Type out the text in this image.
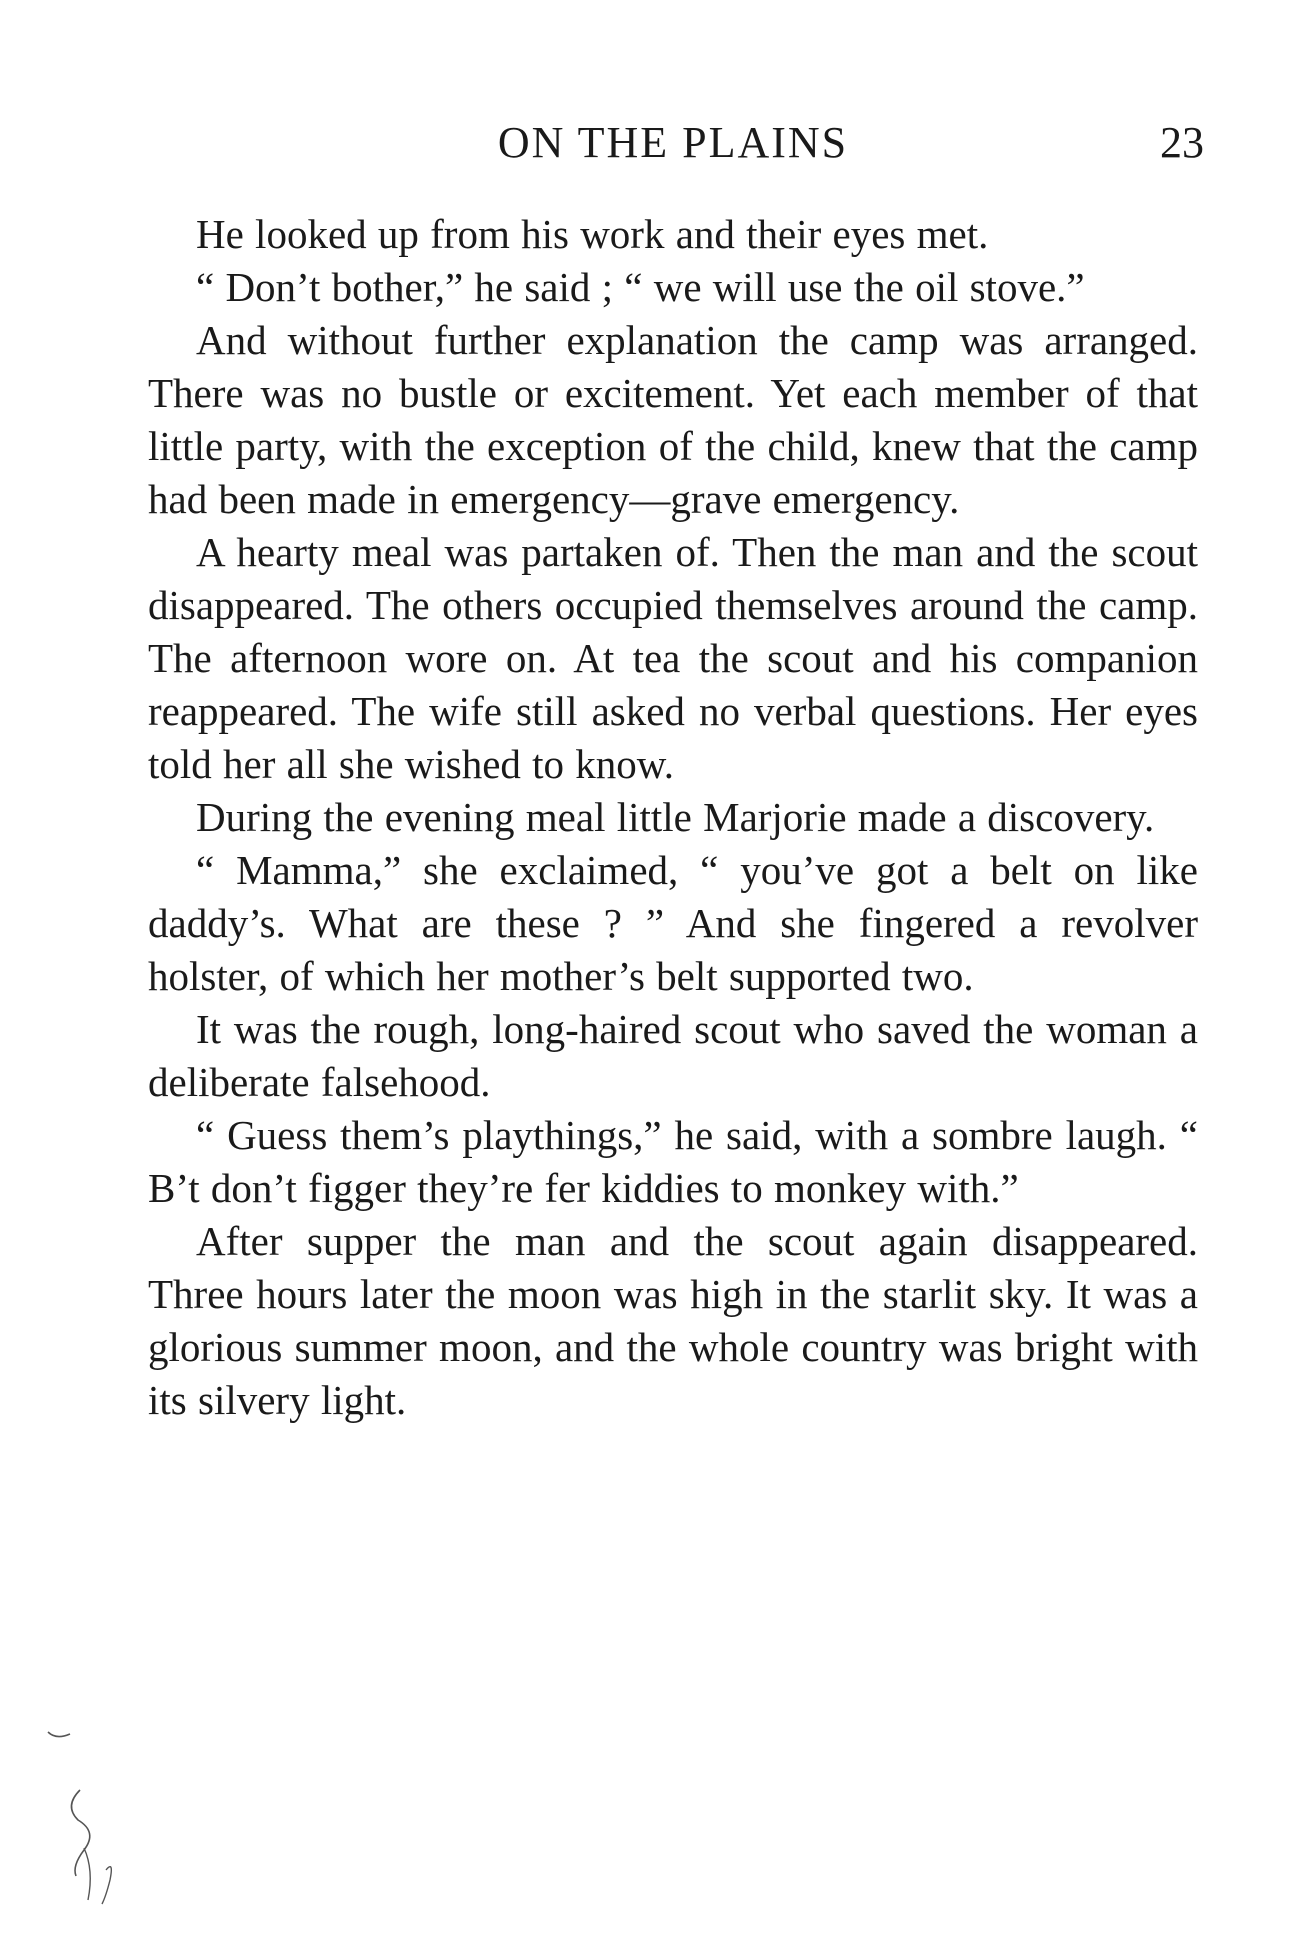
ON THE PLAINS	23

He looked up from his work and their eyes met.

“ Don’t bother,” he said ; “ we will use the oil stove.”

And without further explanation the camp was arranged. There was no bustle or excitement. Yet each member of that little party, with the exception of the child, knew that the camp had been made in emergency—grave emergency.

A hearty meal was partaken of. Then the man and the scout disappeared. The others occupied themselves around the camp. The afternoon wore on. At tea the scout and his companion reappeared. The wife still asked no verbal questions. Her eyes told her all she wished to know.

During the evening meal little Marjorie made a discovery.

“ Mamma,” she exclaimed, “ you’ve got a belt on like daddy’s. What are these ? ” And she fingered a revolver holster, of which her mother’s belt supported two.

It was the rough, long-haired scout who saved the woman a deliberate falsehood.

“ Guess them’s playthings,” he said, with a sombre laugh. “ B’t don’t figger they’re fer kiddies to monkey with.”

After supper the man and the scout again disappeared. Three hours later the moon was high in the starlit sky. It was a glorious summer moon, and the whole country was bright with its silvery light.
